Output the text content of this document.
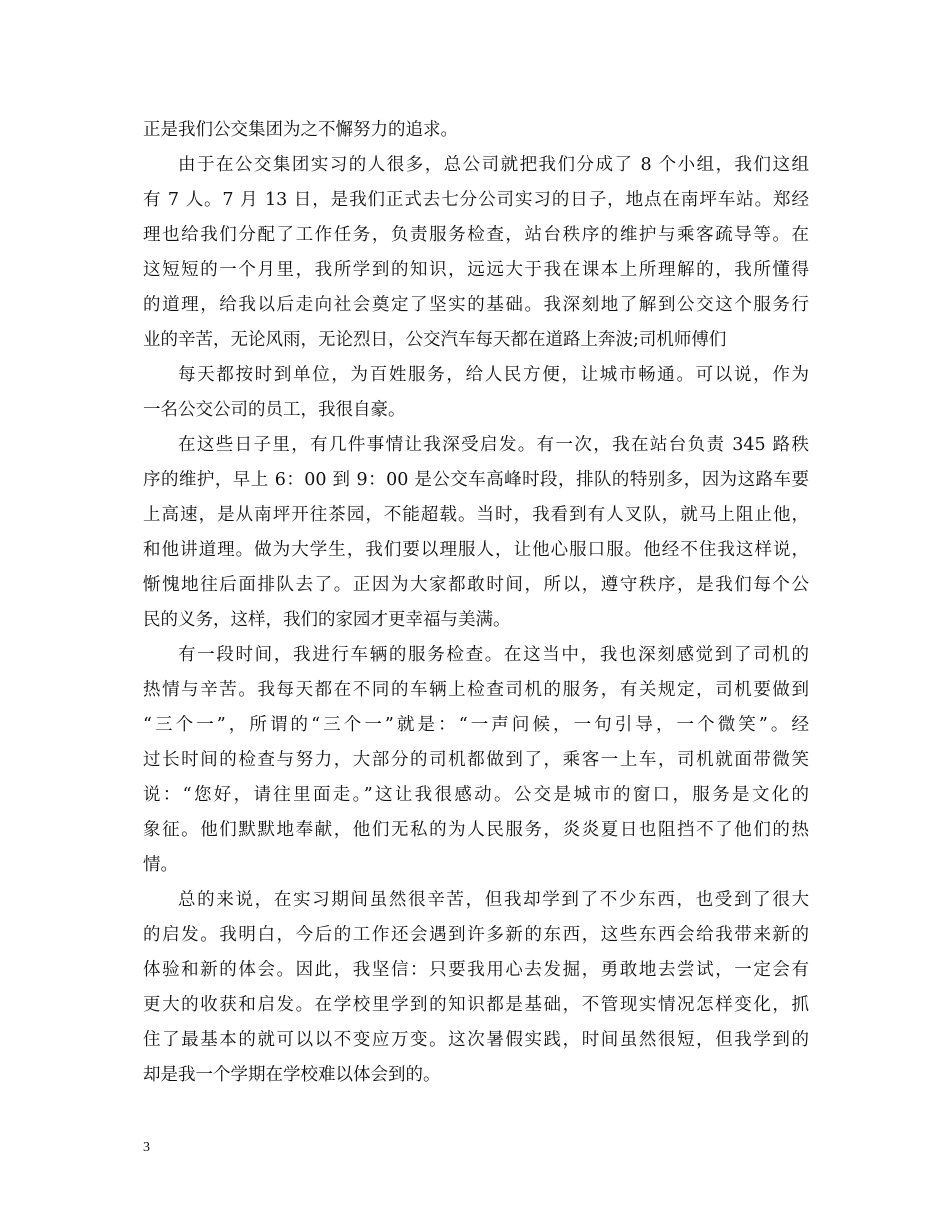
正是我们公交集团为之不懈努力的追求。
由于在公交集团实习的人很多，总公司就把我们分成了 8 个小组，我们这组
有 7 人。7 月 13 日，是我们正式去七分公司实习的日子，地点在南坪车站。郑经
理也给我们分配了工作任务，负责服务检查，站台秩序的维护与乘客疏导等。在
这短短的一个月里，我所学到的知识，远远大于我在课本上所理解的，我所懂得
的道理，给我以后走向社会奠定了坚实的基础。我深刻地了解到公交这个服务行
业的辛苦，无论风雨，无论烈日，公交汽车每天都在道路上奔波;司机师傅们
每天都按时到单位，为百姓服务，给人民方便，让城市畅通。可以说，作为
一名公交公司的员工，我很自豪。
在这些日子里，有几件事情让我深受启发。有一次，我在站台负责 345 路秩
序的维护，早上 6：00 到 9：00 是公交车高峰时段，排队的特别多，因为这路车要
上高速，是从南坪开往茶园，不能超载。当时，我看到有人叉队，就马上阻止他，
和他讲道理。做为大学生，我们要以理服人，让他心服口服。他经不住我这样说，
惭愧地往后面排队去了。正因为大家都敢时间，所以，遵守秩序，是我们每个公
民的义务，这样，我们的家园才更幸福与美满。
有一段时间，我进行车辆的服务检查。在这当中，我也深刻感觉到了司机的
热情与辛苦。我每天都在不同的车辆上检查司机的服务，有关规定，司机要做到
“三个一”，所谓的“三个一”就是：“一声问候，一句引导，一个微笑”。经
过长时间的检查与努力，大部分的司机都做到了，乘客一上车，司机就面带微笑
说：“您好，请往里面走。”这让我很感动。公交是城市的窗口，服务是文化的
象征。他们默默地奉献，他们无私的为人民服务，炎炎夏日也阻挡不了他们的热
情。
总的来说，在实习期间虽然很辛苦，但我却学到了不少东西，也受到了很大
的启发。我明白，今后的工作还会遇到许多新的东西，这些东西会给我带来新的
体验和新的体会。因此，我坚信：只要我用心去发掘，勇敢地去尝试，一定会有
更大的收获和启发。在学校里学到的知识都是基础，不管现实情况怎样变化，抓
住了最基本的就可以以不变应万变。这次暑假实践，时间虽然很短，但我学到的
却是我一个学期在学校难以体会到的。
3
